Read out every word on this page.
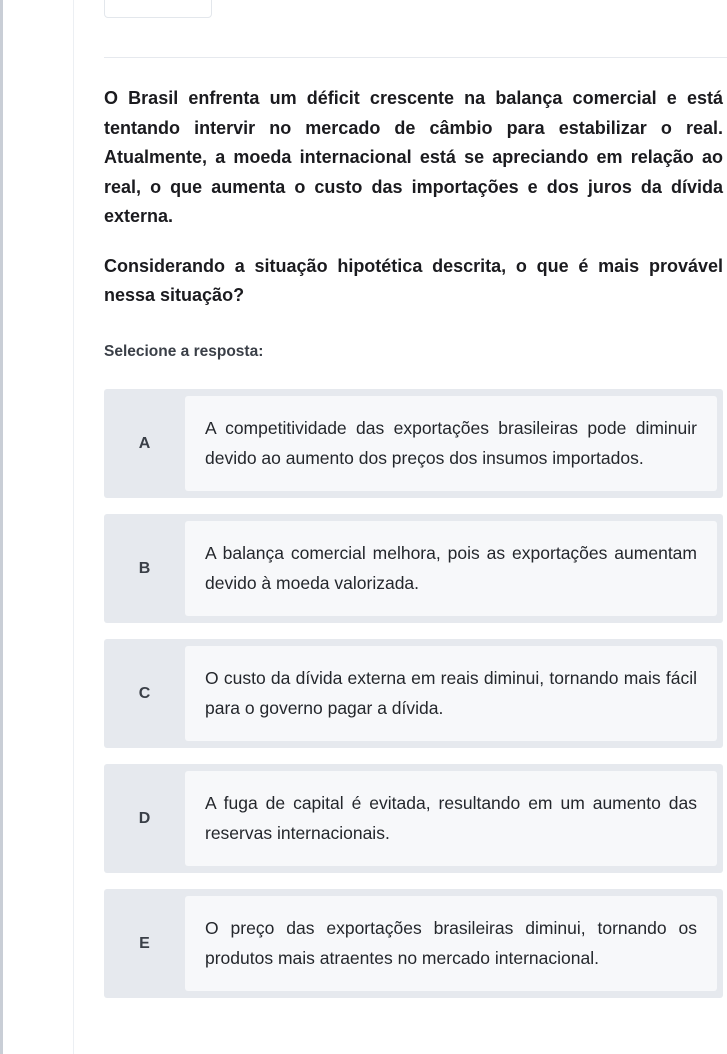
O Brasil enfrenta um déficit crescente na balança comercial e está tentando intervir no mercado de câmbio para estabilizar o real. Atualmente, a moeda internacional está se apreciando em relação ao real, o que aumenta o custo das importações e dos juros da dívida externa.

Considerando a situação hipotética descrita, o que é mais provável nessa situação?

Selecione a resposta:
A
A competitividade das exportações brasileiras pode diminuir devido ao aumento dos preços dos insumos importados.
B
A balança comercial melhora, pois as exportações aumentam devido à moeda valorizada.
C
O custo da dívida externa em reais diminui, tornando mais fácil para o governo pagar a dívida.
D
A fuga de capital é evitada, resultando em um aumento das reservas internacionais.
E
O preço das exportações brasileiras diminui, tornando os produtos mais atraentes no mercado internacional.
